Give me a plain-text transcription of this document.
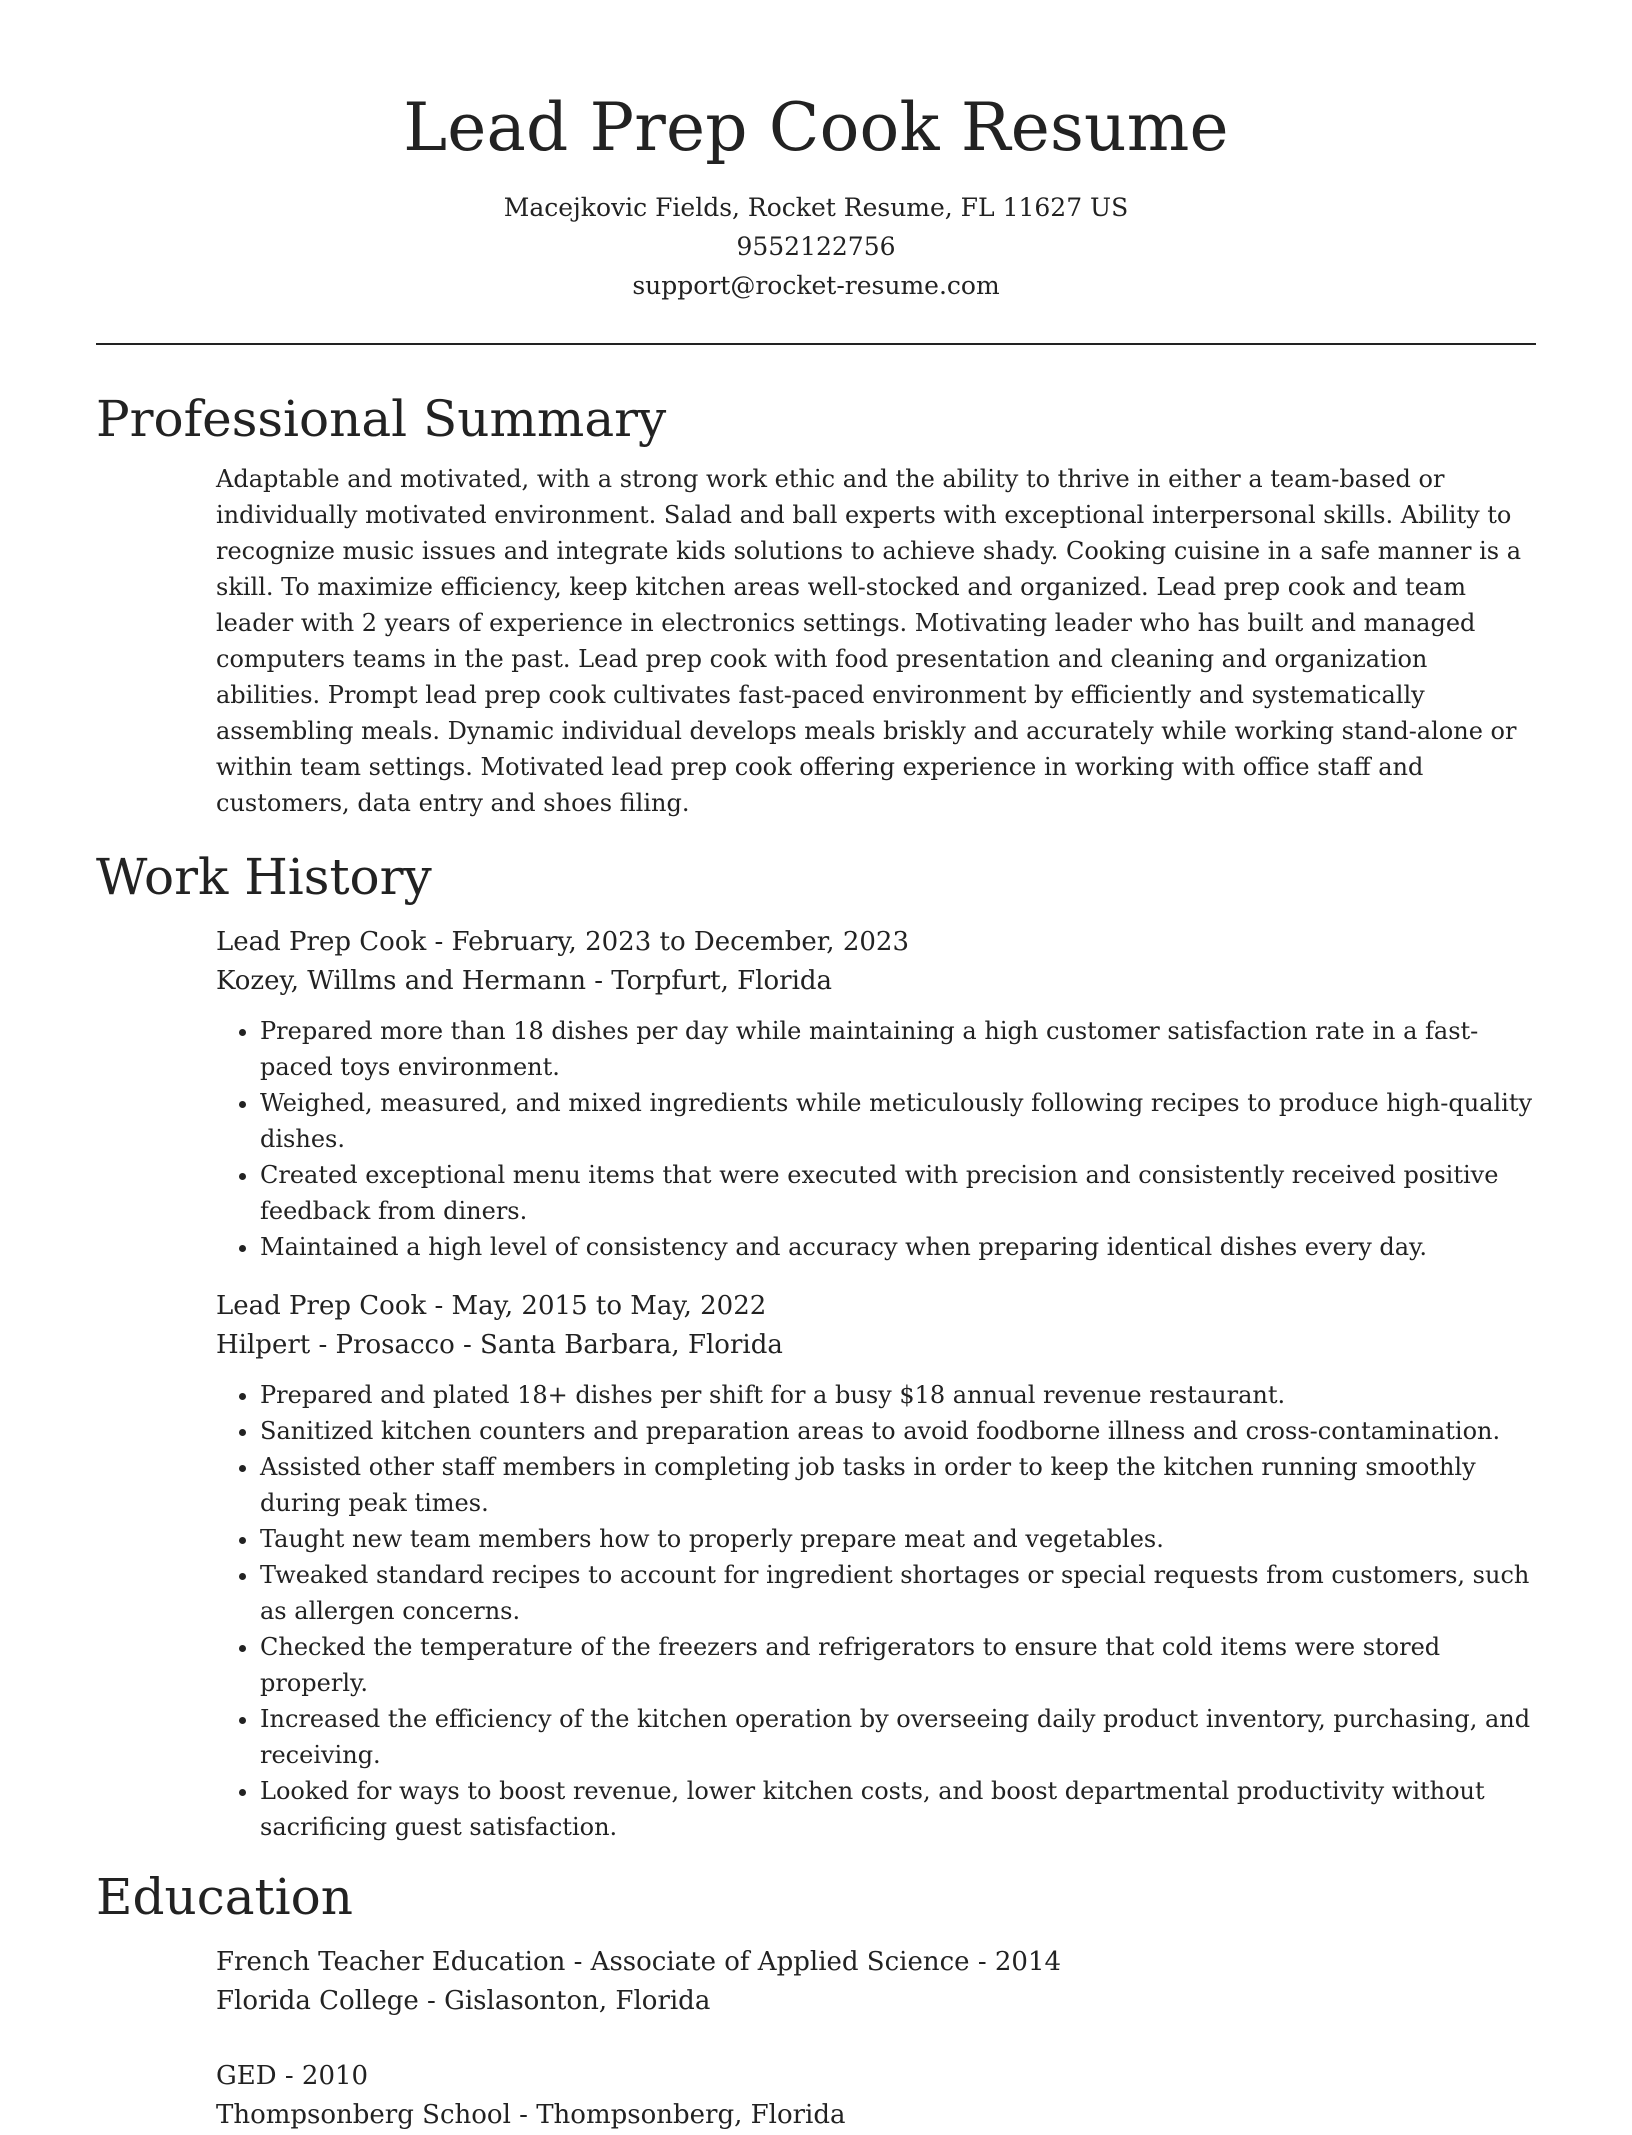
Lead Prep Cook Resume

Macejkovic Fields, Rocket Resume, FL 11627 US

9552122756

support@rocket-resume.com

Professional Summary

Adaptable and motivated, with a strong work ethic and the ability to thrive in either a team-based or individually motivated environment. Salad and ball experts with exceptional interpersonal skills. Ability to recognize music issues and integrate kids solutions to achieve shady. Cooking cuisine in a safe manner is a skill. To maximize efficiency, keep kitchen areas well-stocked and organized. Lead prep cook and team leader with 2 years of experience in electronics settings. Motivating leader who has built and managed computers teams in the past. Lead prep cook with food presentation and cleaning and organization abilities. Prompt lead prep cook cultivates fast-paced environment by efficiently and systematically assembling meals. Dynamic individual develops meals briskly and accurately while working stand-alone or within team settings. Motivated lead prep cook offering experience in working with office staff and customers, data entry and shoes filing.

Work History

Lead Prep Cook - February, 2023 to December, 2023

Kozey, Willms and Hermann - Torpfurt, Florida

• Prepared more than 18 dishes per day while maintaining a high customer satisfaction rate in a fast-paced toys environment.
• Weighed, measured, and mixed ingredients while meticulously following recipes to produce high-quality dishes.
• Created exceptional menu items that were executed with precision and consistently received positive feedback from diners.
• Maintained a high level of consistency and accuracy when preparing identical dishes every day.

Lead Prep Cook - May, 2015 to May, 2022

Hilpert - Prosacco - Santa Barbara, Florida

• Prepared and plated 18+ dishes per shift for a busy $18 annual revenue restaurant.
• Sanitized kitchen counters and preparation areas to avoid foodborne illness and cross-contamination.
• Assisted other staff members in completing job tasks in order to keep the kitchen running smoothly during peak times.
• Taught new team members how to properly prepare meat and vegetables.
• Tweaked standard recipes to account for ingredient shortages or special requests from customers, such as allergen concerns.
• Checked the temperature of the freezers and refrigerators to ensure that cold items were stored properly.
• Increased the efficiency of the kitchen operation by overseeing daily product inventory, purchasing, and receiving.
• Looked for ways to boost revenue, lower kitchen costs, and boost departmental productivity without sacrificing guest satisfaction.
Education

French Teacher Education - Associate of Applied Science - 2014

Florida College - Gislasonton, Florida

GED - 2010

Thompsonberg School - Thompsonberg, Florida
